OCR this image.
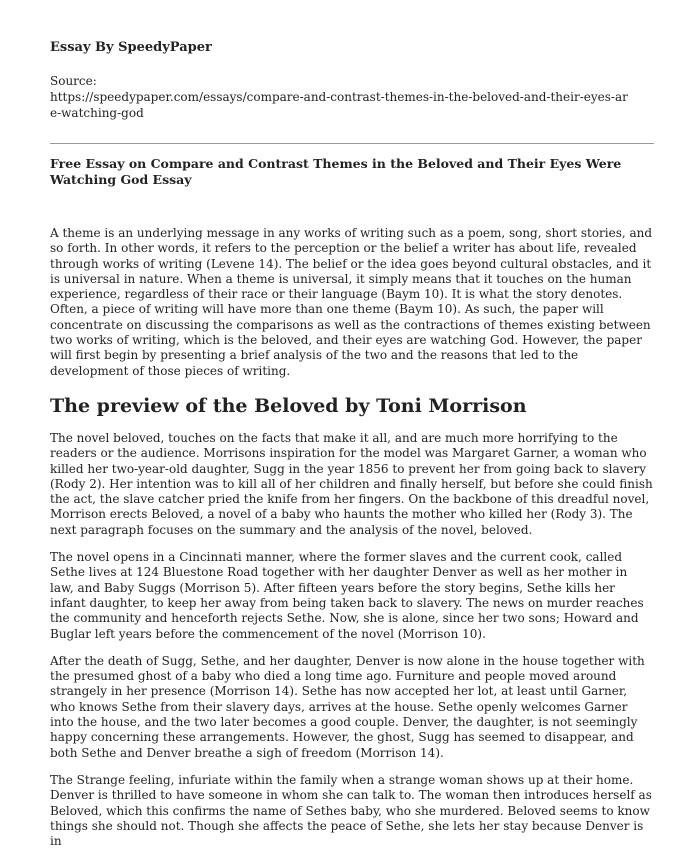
Essay By SpeedyPaper
Source:
https://speedypaper.com/essays/compare-and-contrast-themes-in-the-beloved-and-their-eyes-are-watching-god
Free Essay on Compare and Contrast Themes in the Beloved and Their Eyes Were Watching God Essay

A theme is an underlying message in any works of writing such as a poem, song, short stories, and so forth. In other words, it refers to the perception or the belief a writer has about life, revealed through works of writing (Levene 14). The belief or the idea goes beyond cultural obstacles, and it is universal in nature. When a theme is universal, it simply means that it touches on the human experience, regardless of their race or their language (Baym 10). It is what the story denotes. Often, a piece of writing will have more than one theme (Baym 10). As such, the paper will concentrate on discussing the comparisons as well as the contractions of themes existing between two works of writing, which is the beloved, and their eyes are watching God. However, the paper will first begin by presenting a brief analysis of the two and the reasons that led to the development of those pieces of writing.

The preview of the Beloved by Toni Morrison

The novel beloved, touches on the facts that make it all, and are much more horrifying to the readers or the audience. Morrisons inspiration for the model was Margaret Garner, a woman who killed her two-year-old daughter, Sugg in the year 1856 to prevent her from going back to slavery (Rody 2). Her intention was to kill all of her children and finally herself, but before she could finish the act, the slave catcher pried the knife from her fingers. On the backbone of this dreadful novel, Morrison erects Beloved, a novel of a baby who haunts the mother who killed her (Rody 3). The next paragraph focuses on the summary and the analysis of the novel, beloved.

The novel opens in a Cincinnati manner, where the former slaves and the current cook, called Sethe lives at 124 Bluestone Road together with her daughter Denver as well as her mother in law, and Baby Suggs (Morrison 5). After fifteen years before the story begins, Sethe kills her infant daughter, to keep her away from being taken back to slavery. The news on murder reaches the community and henceforth rejects Sethe. Now, she is alone, since her two sons; Howard and Buglar left years before the commencement of the novel (Morrison 10).

After the death of Sugg, Sethe, and her daughter, Denver is now alone in the house together with the presumed ghost of a baby who died a long time ago. Furniture and people moved around strangely in her presence (Morrison 14). Sethe has now accepted her lot, at least until Garner, who knows Sethe from their slavery days, arrives at the house. Sethe openly welcomes Garner into the house, and the two later becomes a good couple. Denver, the daughter, is not seemingly happy concerning these arrangements. However, the ghost, Sugg has seemed to disappear, and both Sethe and Denver breathe a sigh of freedom (Morrison 14).

The Strange feeling, infuriate within the family when a strange woman shows up at their home. Denver is thrilled to have someone in whom she can talk to. The woman then introduces herself as Beloved, which this confirms the name of Sethes baby, who she murdered. Beloved seems to know things she should not. Though she affects the peace of Sethe, she lets her stay because Denver is in
